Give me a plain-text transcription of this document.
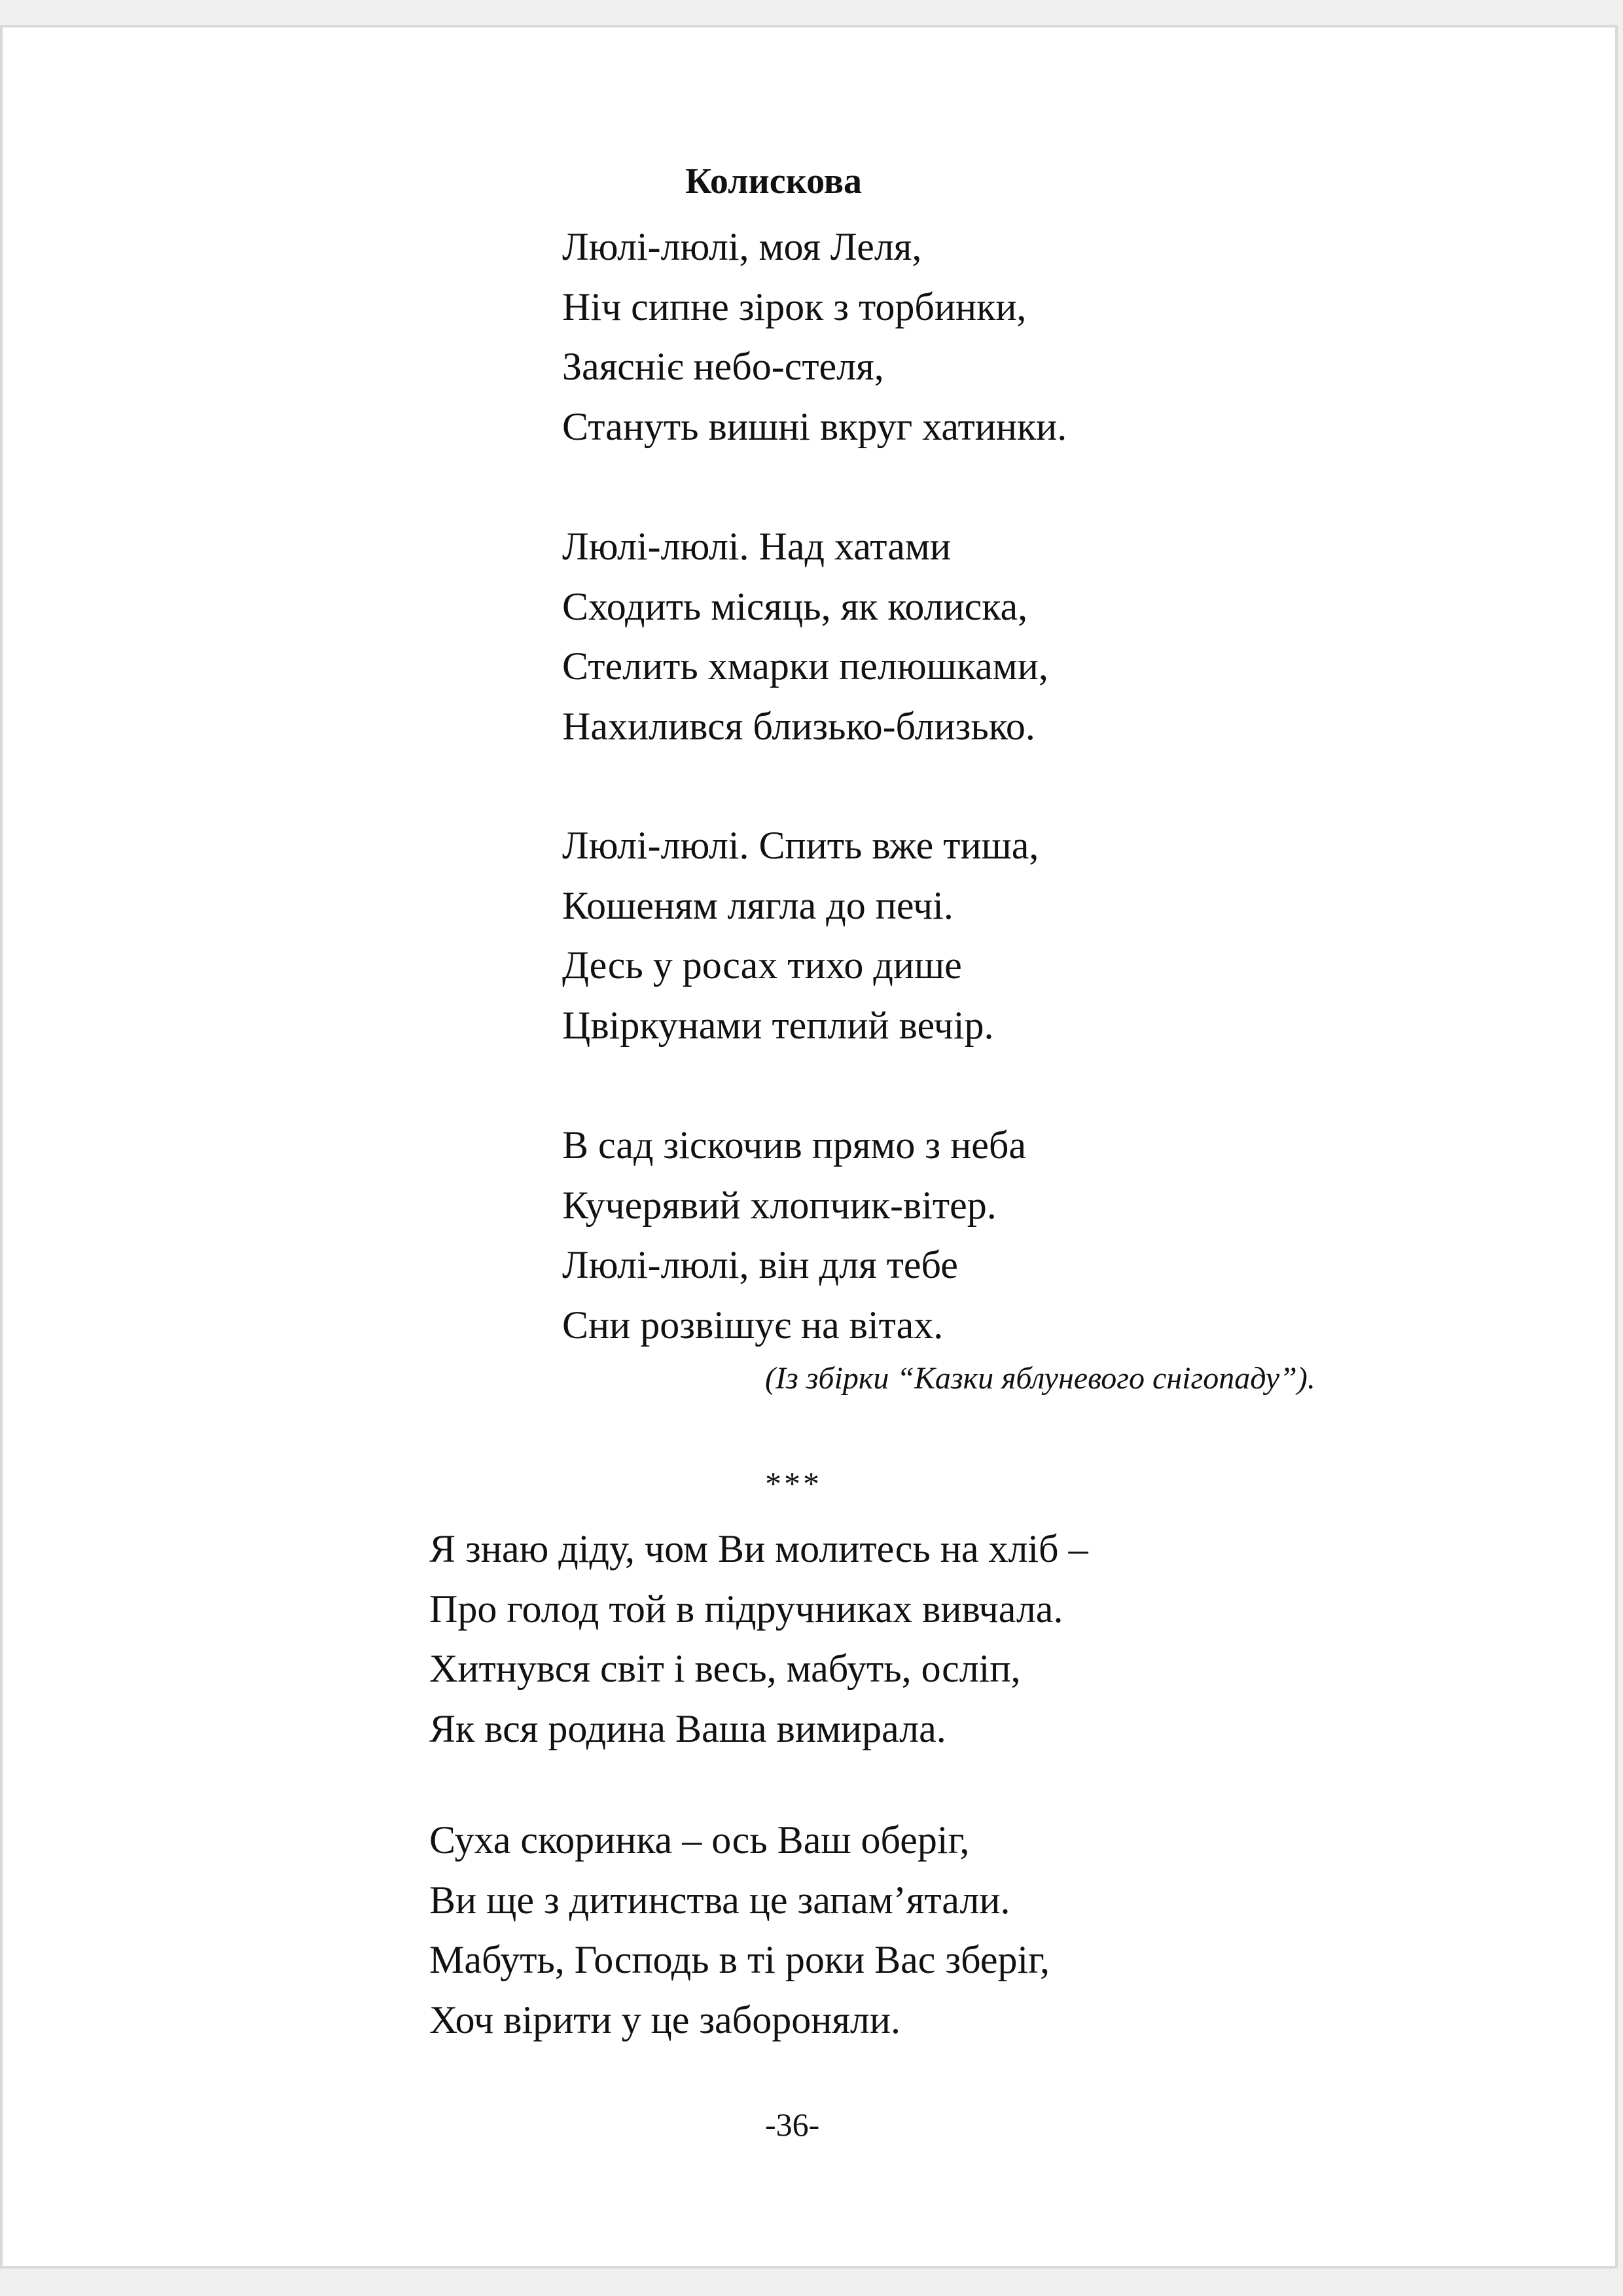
Колискова
Люлі-люлі, моя Леля,
Ніч сипне зірок з торбинки,
Заяснiє небо-стеля,
Стануть вишні вкруг хатинки.
Люлі-люлі. Над хатами
Сходить місяць, як колиска,
Стелить хмарки пелюшками,
Нахилився близько-близько.
Люлі-люлі. Спить вже тиша,
Кошеням лягла до печі.
Десь у росах тихо дише
Цвіркунами теплий вечір.
В сад зіскочив прямо з неба
Кучерявий хлопчик-вітер.
Люлі-люлі, він для тебе
Сни розвішує на вітах.

(Із збірки “Казки яблуневого снігопаду”).

***

Я знаю діду, чом Ви молитесь на хліб –
Про голод той в підручниках вивчала.
Хитнувся світ і весь, мабуть, осліп,
Як вся родина Ваша вимирала.
Суха скоринка – ось Ваш оберіг,
Ви ще з дитинства це запам’ятали.
Мабуть, Господь в ті роки Вас зберіг,
Хоч вірити у це забороняли.

-36-
